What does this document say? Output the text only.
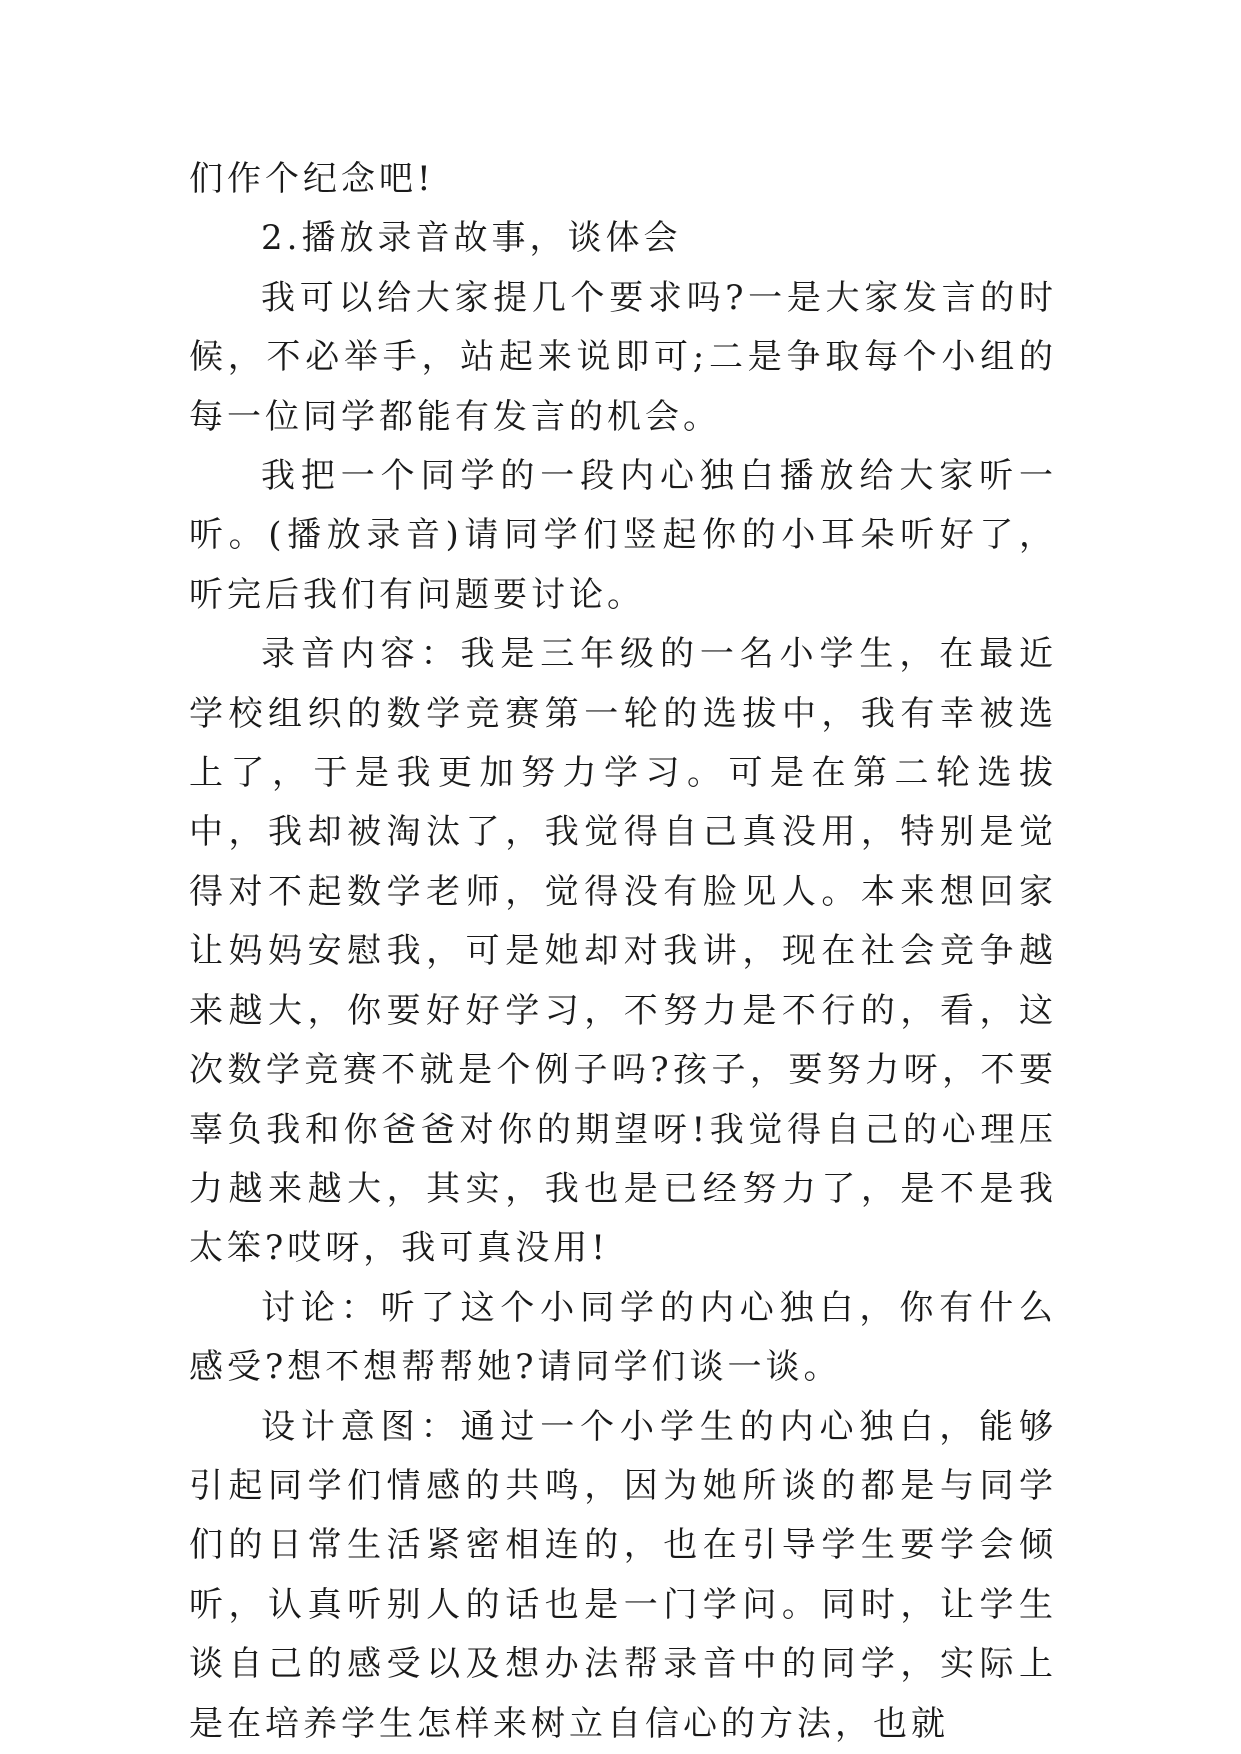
们作个纪念吧!

2.播放录音故事，谈体会

我可以给大家提几个要求吗?一是大家发言的时候，不必举手，站起来说即可;二是争取每个小组的每一位同学都能有发言的机会。

我把一个同学的一段内心独白播放给大家听一听。(播放录音)请同学们竖起你的小耳朵听好了，听完后我们有问题要讨论。

录音内容：我是三年级的一名小学生，在最近学校组织的数学竞赛第一轮的选拔中，我有幸被选上了，于是我更加努力学习。可是在第二轮选拔中，我却被淘汰了，我觉得自己真没用，特别是觉得对不起数学老师，觉得没有脸见人。本来想回家让妈妈安慰我，可是她却对我讲，现在社会竞争越来越大，你要好好学习，不努力是不行的，看，这次数学竞赛不就是个例子吗?孩子，要努力呀，不要辜负我和你爸爸对你的期望呀!我觉得自己的心理压力越来越大，其实，我也是已经努力了，是不是我太笨?哎呀，我可真没用!

讨论：听了这个小同学的内心独白，你有什么感受?想不想帮帮她?请同学们谈一谈。

设计意图：通过一个小学生的内心独白，能够引起同学们情感的共鸣，因为她所谈的都是与同学们的日常生活紧密相连的，也在引导学生要学会倾听，认真听别人的话也是一门学问。同时，让学生谈自己的感受以及想办法帮录音中的同学，实际上是在培养学生怎样来树立自信心的方法，也就
